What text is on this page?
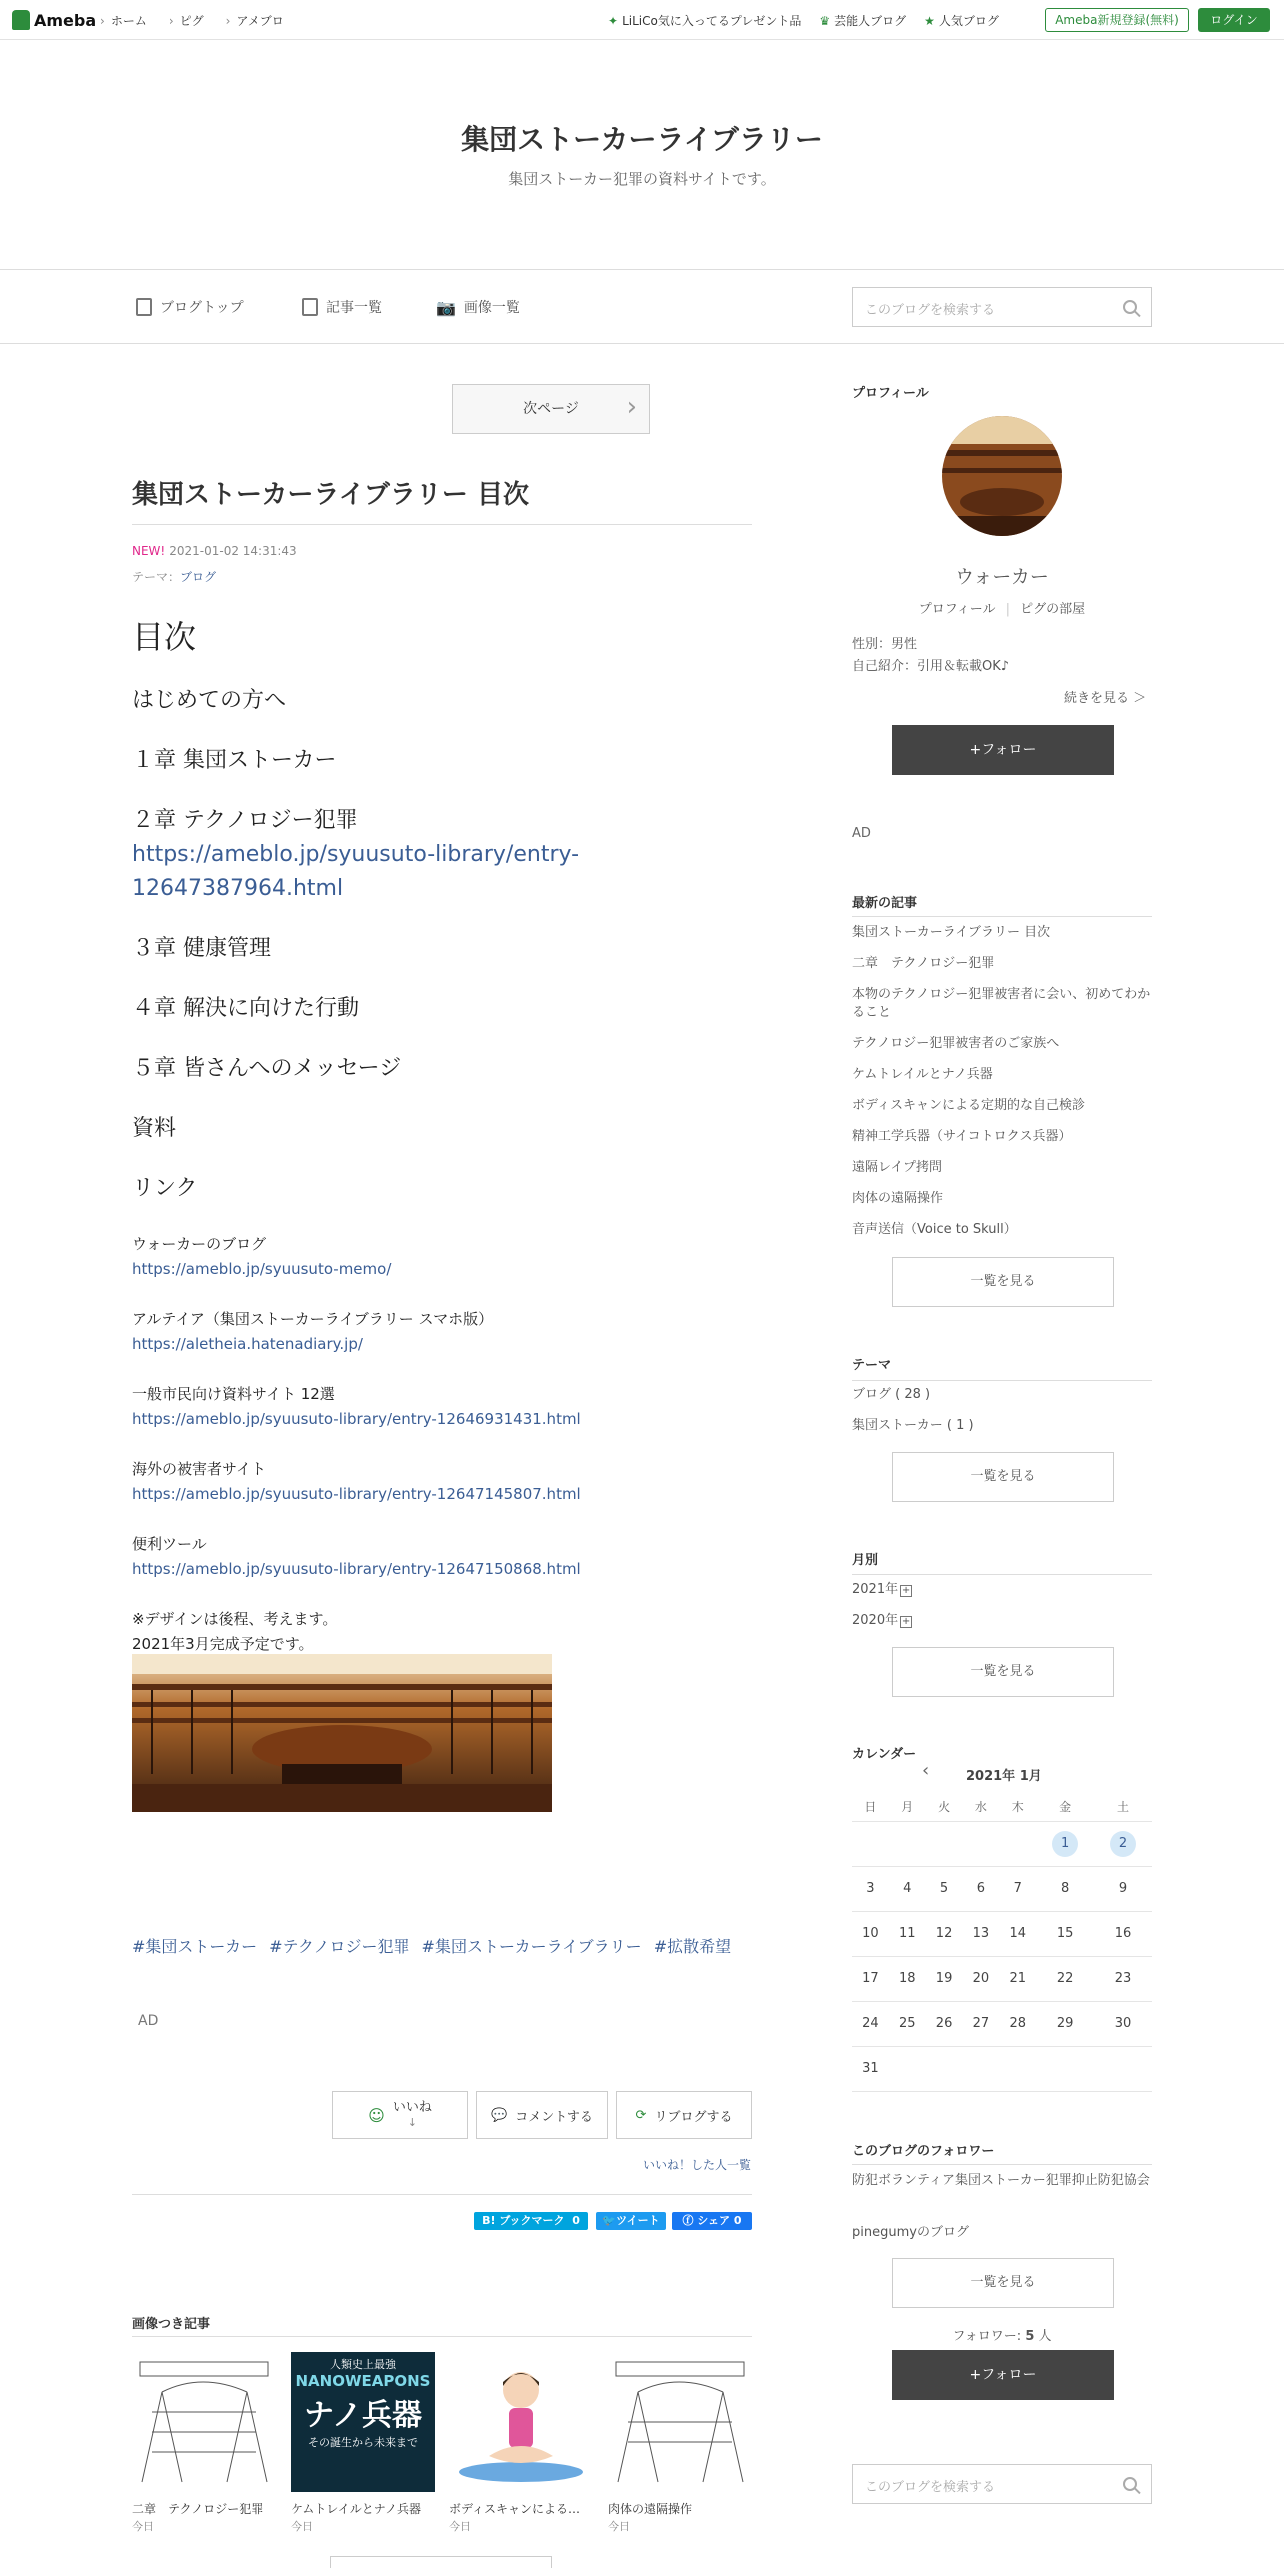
Ameba	› ホーム	› ピグ	› アメブロ	✦ LiLiCo気に入ってるプレゼント品 ♛ 芸能人ブログ ★ 人気ブログ	Ameba新規登録(無料)	ログイン
集団ストーカーライブラリー
集団ストーカー犯罪の資料サイトです。
ブログトップ	記事一覧	📷 画像一覧	このブログを検索する
次ページ ›
集団ストーカーライブラリー 目次
NEW! 2021-01-02 14:31:43
テーマ：ブログ
目次
はじめての方へ
１章 集団ストーカー
２章 テクノロジー犯罪
https://ameblo.jp/syuusuto-library/entry-12647387964.html
３章 健康管理
４章 解決に向けた行動
５章 皆さんへのメッセージ
資料
リンク
ウォーカーのブログ
https://ameblo.jp/syuusuto-memo/
アルテイア（集団ストーカーライブラリー スマホ版）
https://aletheia.hatenadiary.jp/
一般市民向け資料サイト 12選
https://ameblo.jp/syuusuto-library/entry-12646931431.html
海外の被害者サイト
https://ameblo.jp/syuusuto-library/entry-12647145807.html
便利ツール
https://ameblo.jp/syuusuto-library/entry-12647150868.html
※デザインは後程、考えます。
2021年3月完成予定です。
#集団ストーカー #テクノロジー犯罪 #集団ストーカーライブラリー #拡散希望
AD
☺ いいね
↓	💬 コメントする	⟳ リブログする
いいね！した人一覧
B! ブックマーク 0	🐦ツイート	ⓕ シェア 0
画像つき記事
人類史上最強
NANOWEAPONS
ナノ兵器
その誕生から未来まで
二章　テクノロジー犯罪	ケムトレイルとナノ兵器	ボディスキャンによる…	肉体の遠隔操作
今日	今日	今日	今日
プロフィール
ウォーカー
プロフィール | ピグの部屋
性別：男性
自己紹介：引用＆転載OK♪
続きを見る ＞
+フォロー
AD
最新の記事
集団ストーカーライブラリー 目次
二章　テクノロジー犯罪
本物のテクノロジー犯罪被害者に会い、初めてわかること
テクノロジー犯罪被害者のご家族へ
ケムトレイルとナノ兵器
ボディスキャンによる定期的な自己検診
精神工学兵器（サイコトロクス兵器）
遠隔レイプ拷問
肉体の遠隔操作
音声送信（Voice to Skull）
一覧を見る
テーマ
ブログ ( 28 )
集団ストーカー ( 1 )
一覧を見る
月別
2021年 +
2020年 +
一覧を見る
カレンダー
‹	2021年 1月
日	月	火	水	木	金	土
					1	2
3	4	5	6	7	8	9
10	11	12	13	14	15	16
17	18	19	20	21	22	23
24	25	26	27	28	29	30
31						
このブログのフォロワー
防犯ボランティア集団ストーカー犯罪抑止防犯協会
pinegumyのブログ
一覧を見る
フォロワー: 5 人
+フォロー
このブログを検索する
